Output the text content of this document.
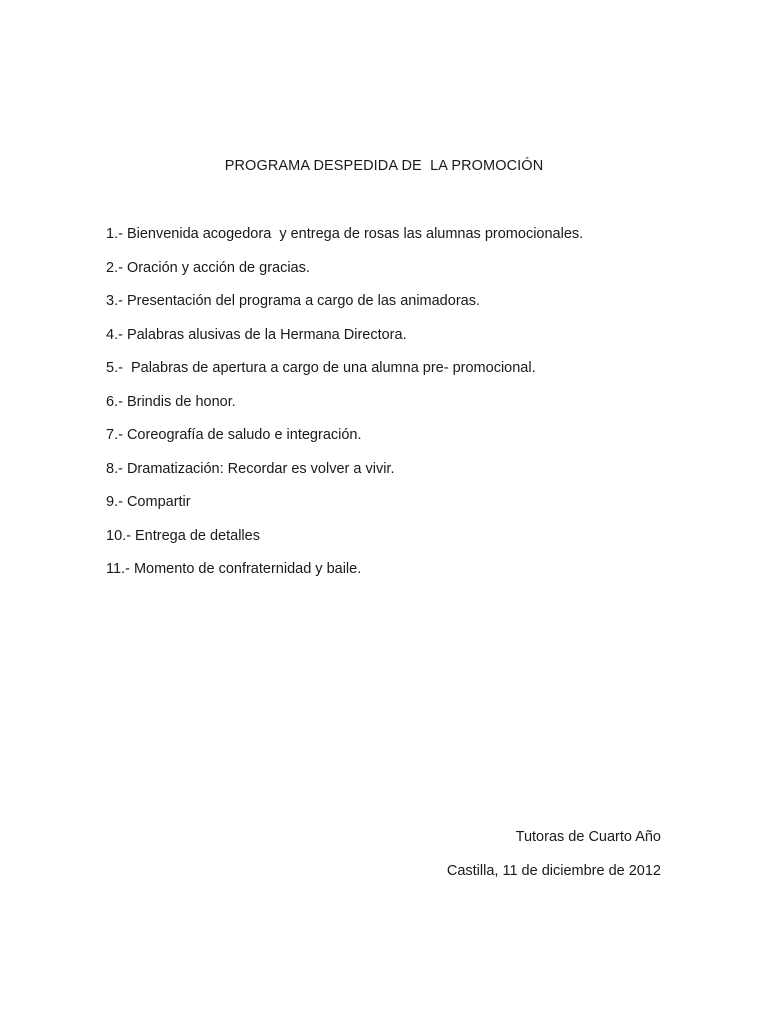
PROGRAMA DESPEDIDA DE  LA PROMOCIÓN
1.- Bienvenida acogedora  y entrega de rosas las alumnas promocionales.
2.- Oración y acción de gracias.
3.- Presentación del programa a cargo de las animadoras.
4.- Palabras alusivas de la Hermana Directora.
5.-  Palabras de apertura a cargo de una alumna pre- promocional.
6.- Brindis de honor.
7.- Coreografía de saludo e integración.
8.- Dramatización: Recordar es volver a vivir.
9.- Compartir
10.- Entrega de detalles
11.- Momento de confraternidad y baile.
Tutoras de Cuarto Año
Castilla, 11 de diciembre de 2012
